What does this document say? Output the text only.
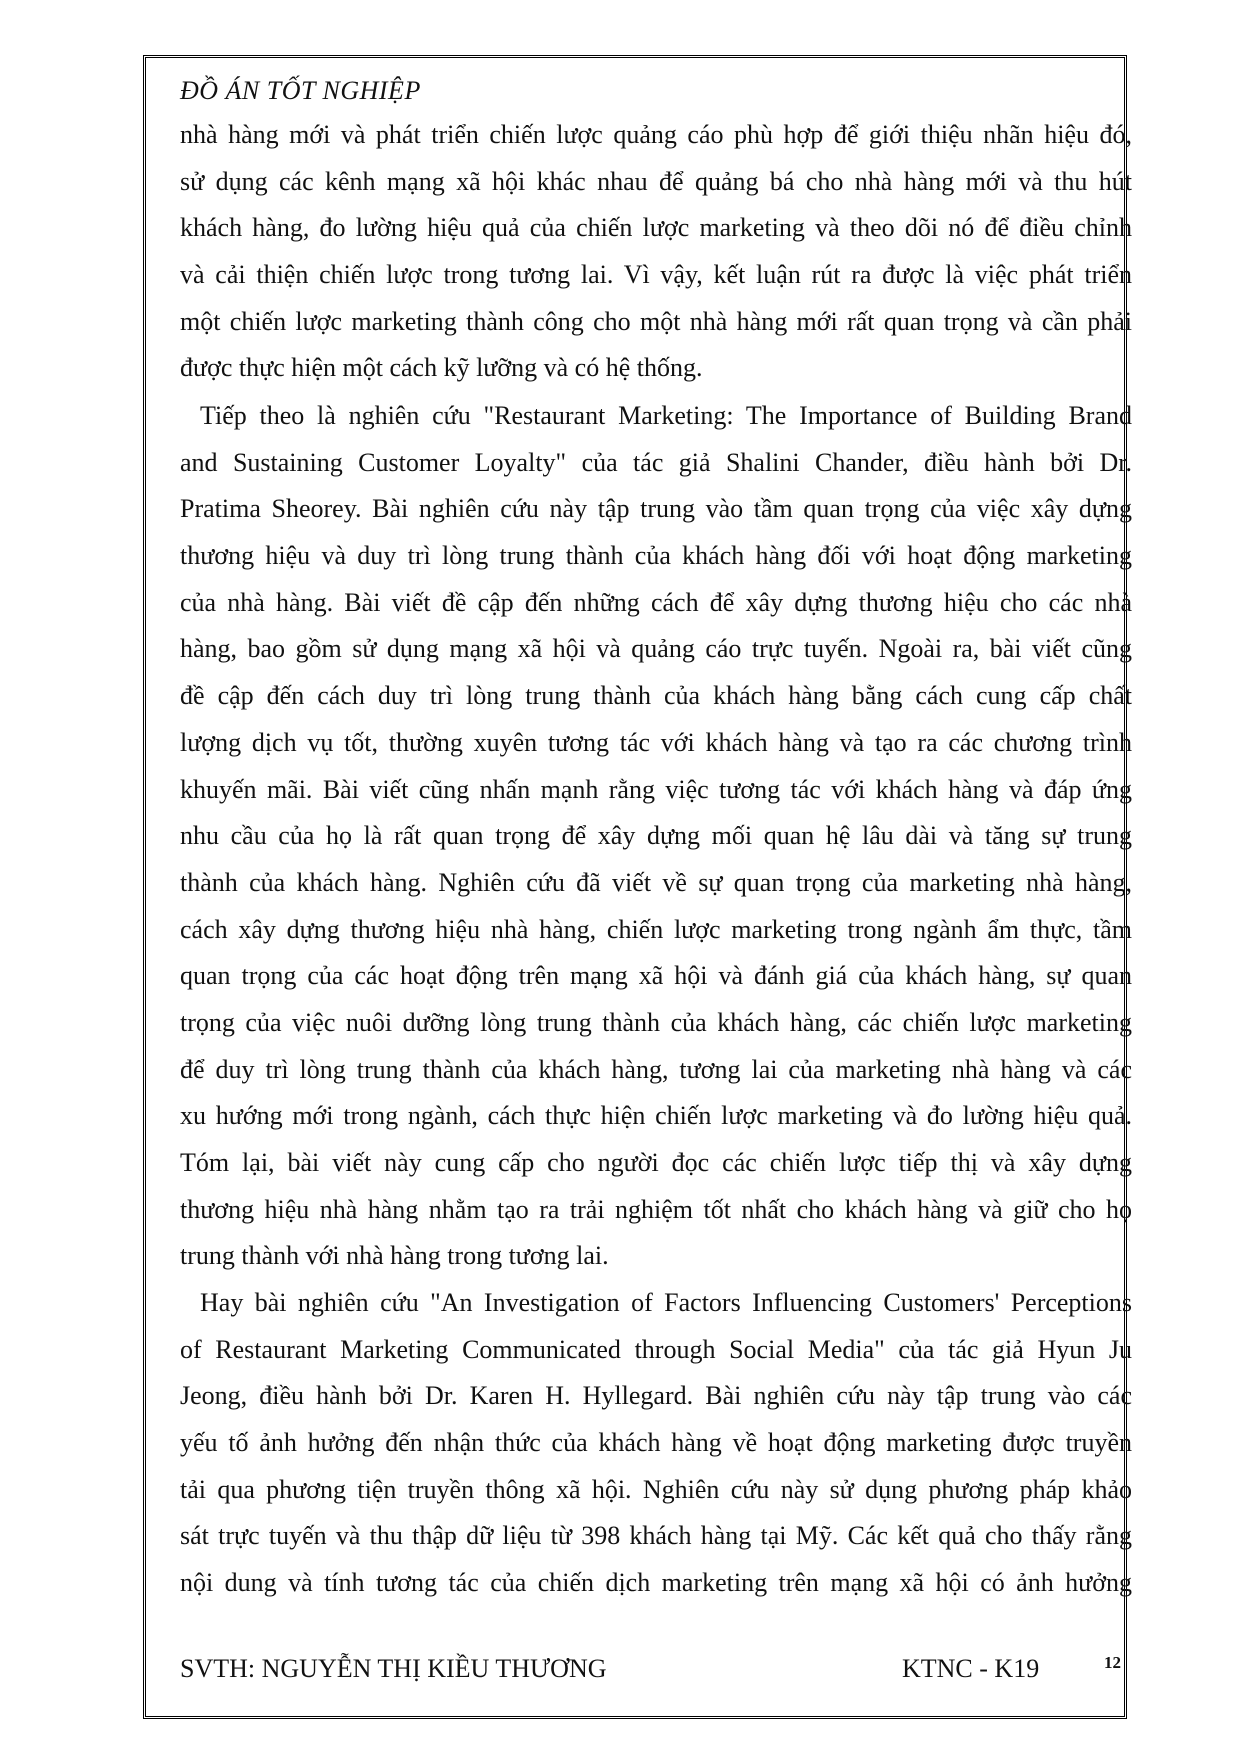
ĐỒ ÁN TỐT NGHIỆP
nhà hàng mới và phát triển chiến lược quảng cáo phù hợp để giới thiệu nhãn hiệu đó,
sử dụng các kênh mạng xã hội khác nhau để quảng bá cho nhà hàng mới và thu hút
khách hàng, đo lường hiệu quả của chiến lược marketing và theo dõi nó để điều chỉnh
và cải thiện chiến lược trong tương lai. Vì vậy, kết luận rút ra được là việc phát triển
một chiến lược marketing thành công cho một nhà hàng mới rất quan trọng và cần phải
được thực hiện một cách kỹ lưỡng và có hệ thống.
Tiếp theo là nghiên cứu "Restaurant Marketing: The Importance of Building Brand
and Sustaining Customer Loyalty" của tác giả Shalini Chander, điều hành bởi Dr.
Pratima Sheorey. Bài nghiên cứu này tập trung vào tầm quan trọng của việc xây dựng
thương hiệu và duy trì lòng trung thành của khách hàng đối với hoạt động marketing
của nhà hàng. Bài viết đề cập đến những cách để xây dựng thương hiệu cho các nhà
hàng, bao gồm sử dụng mạng xã hội và quảng cáo trực tuyến. Ngoài ra, bài viết cũng
đề cập đến cách duy trì lòng trung thành của khách hàng bằng cách cung cấp chất
lượng dịch vụ tốt, thường xuyên tương tác với khách hàng và tạo ra các chương trình
khuyến mãi. Bài viết cũng nhấn mạnh rằng việc tương tác với khách hàng và đáp ứng
nhu cầu của họ là rất quan trọng để xây dựng mối quan hệ lâu dài và tăng sự trung
thành của khách hàng. Nghiên cứu đã viết về sự quan trọng của marketing nhà hàng,
cách xây dựng thương hiệu nhà hàng, chiến lược marketing trong ngành ẩm thực, tầm
quan trọng của các hoạt động trên mạng xã hội và đánh giá của khách hàng, sự quan
trọng của việc nuôi dưỡng lòng trung thành của khách hàng, các chiến lược marketing
để duy trì lòng trung thành của khách hàng, tương lai của marketing nhà hàng và các
xu hướng mới trong ngành, cách thực hiện chiến lược marketing và đo lường hiệu quả.
Tóm lại, bài viết này cung cấp cho người đọc các chiến lược tiếp thị và xây dựng
thương hiệu nhà hàng nhằm tạo ra trải nghiệm tốt nhất cho khách hàng và giữ cho họ
trung thành với nhà hàng trong tương lai.
Hay bài nghiên cứu "An Investigation of Factors Influencing Customers' Perceptions
of Restaurant Marketing Communicated through Social Media" của tác giả Hyun Ju
Jeong, điều hành bởi Dr. Karen H. Hyllegard. Bài nghiên cứu này tập trung vào các
yếu tố ảnh hưởng đến nhận thức của khách hàng về hoạt động marketing được truyền
tải qua phương tiện truyền thông xã hội. Nghiên cứu này sử dụng phương pháp khảo
sát trực tuyến và thu thập dữ liệu từ 398 khách hàng tại Mỹ. Các kết quả cho thấy rằng
nội dung và tính tương tác của chiến dịch marketing trên mạng xã hội có ảnh hưởng
SVTH: NGUYỄN THỊ KIỀU THƯƠNG	KTNC - K19	12
